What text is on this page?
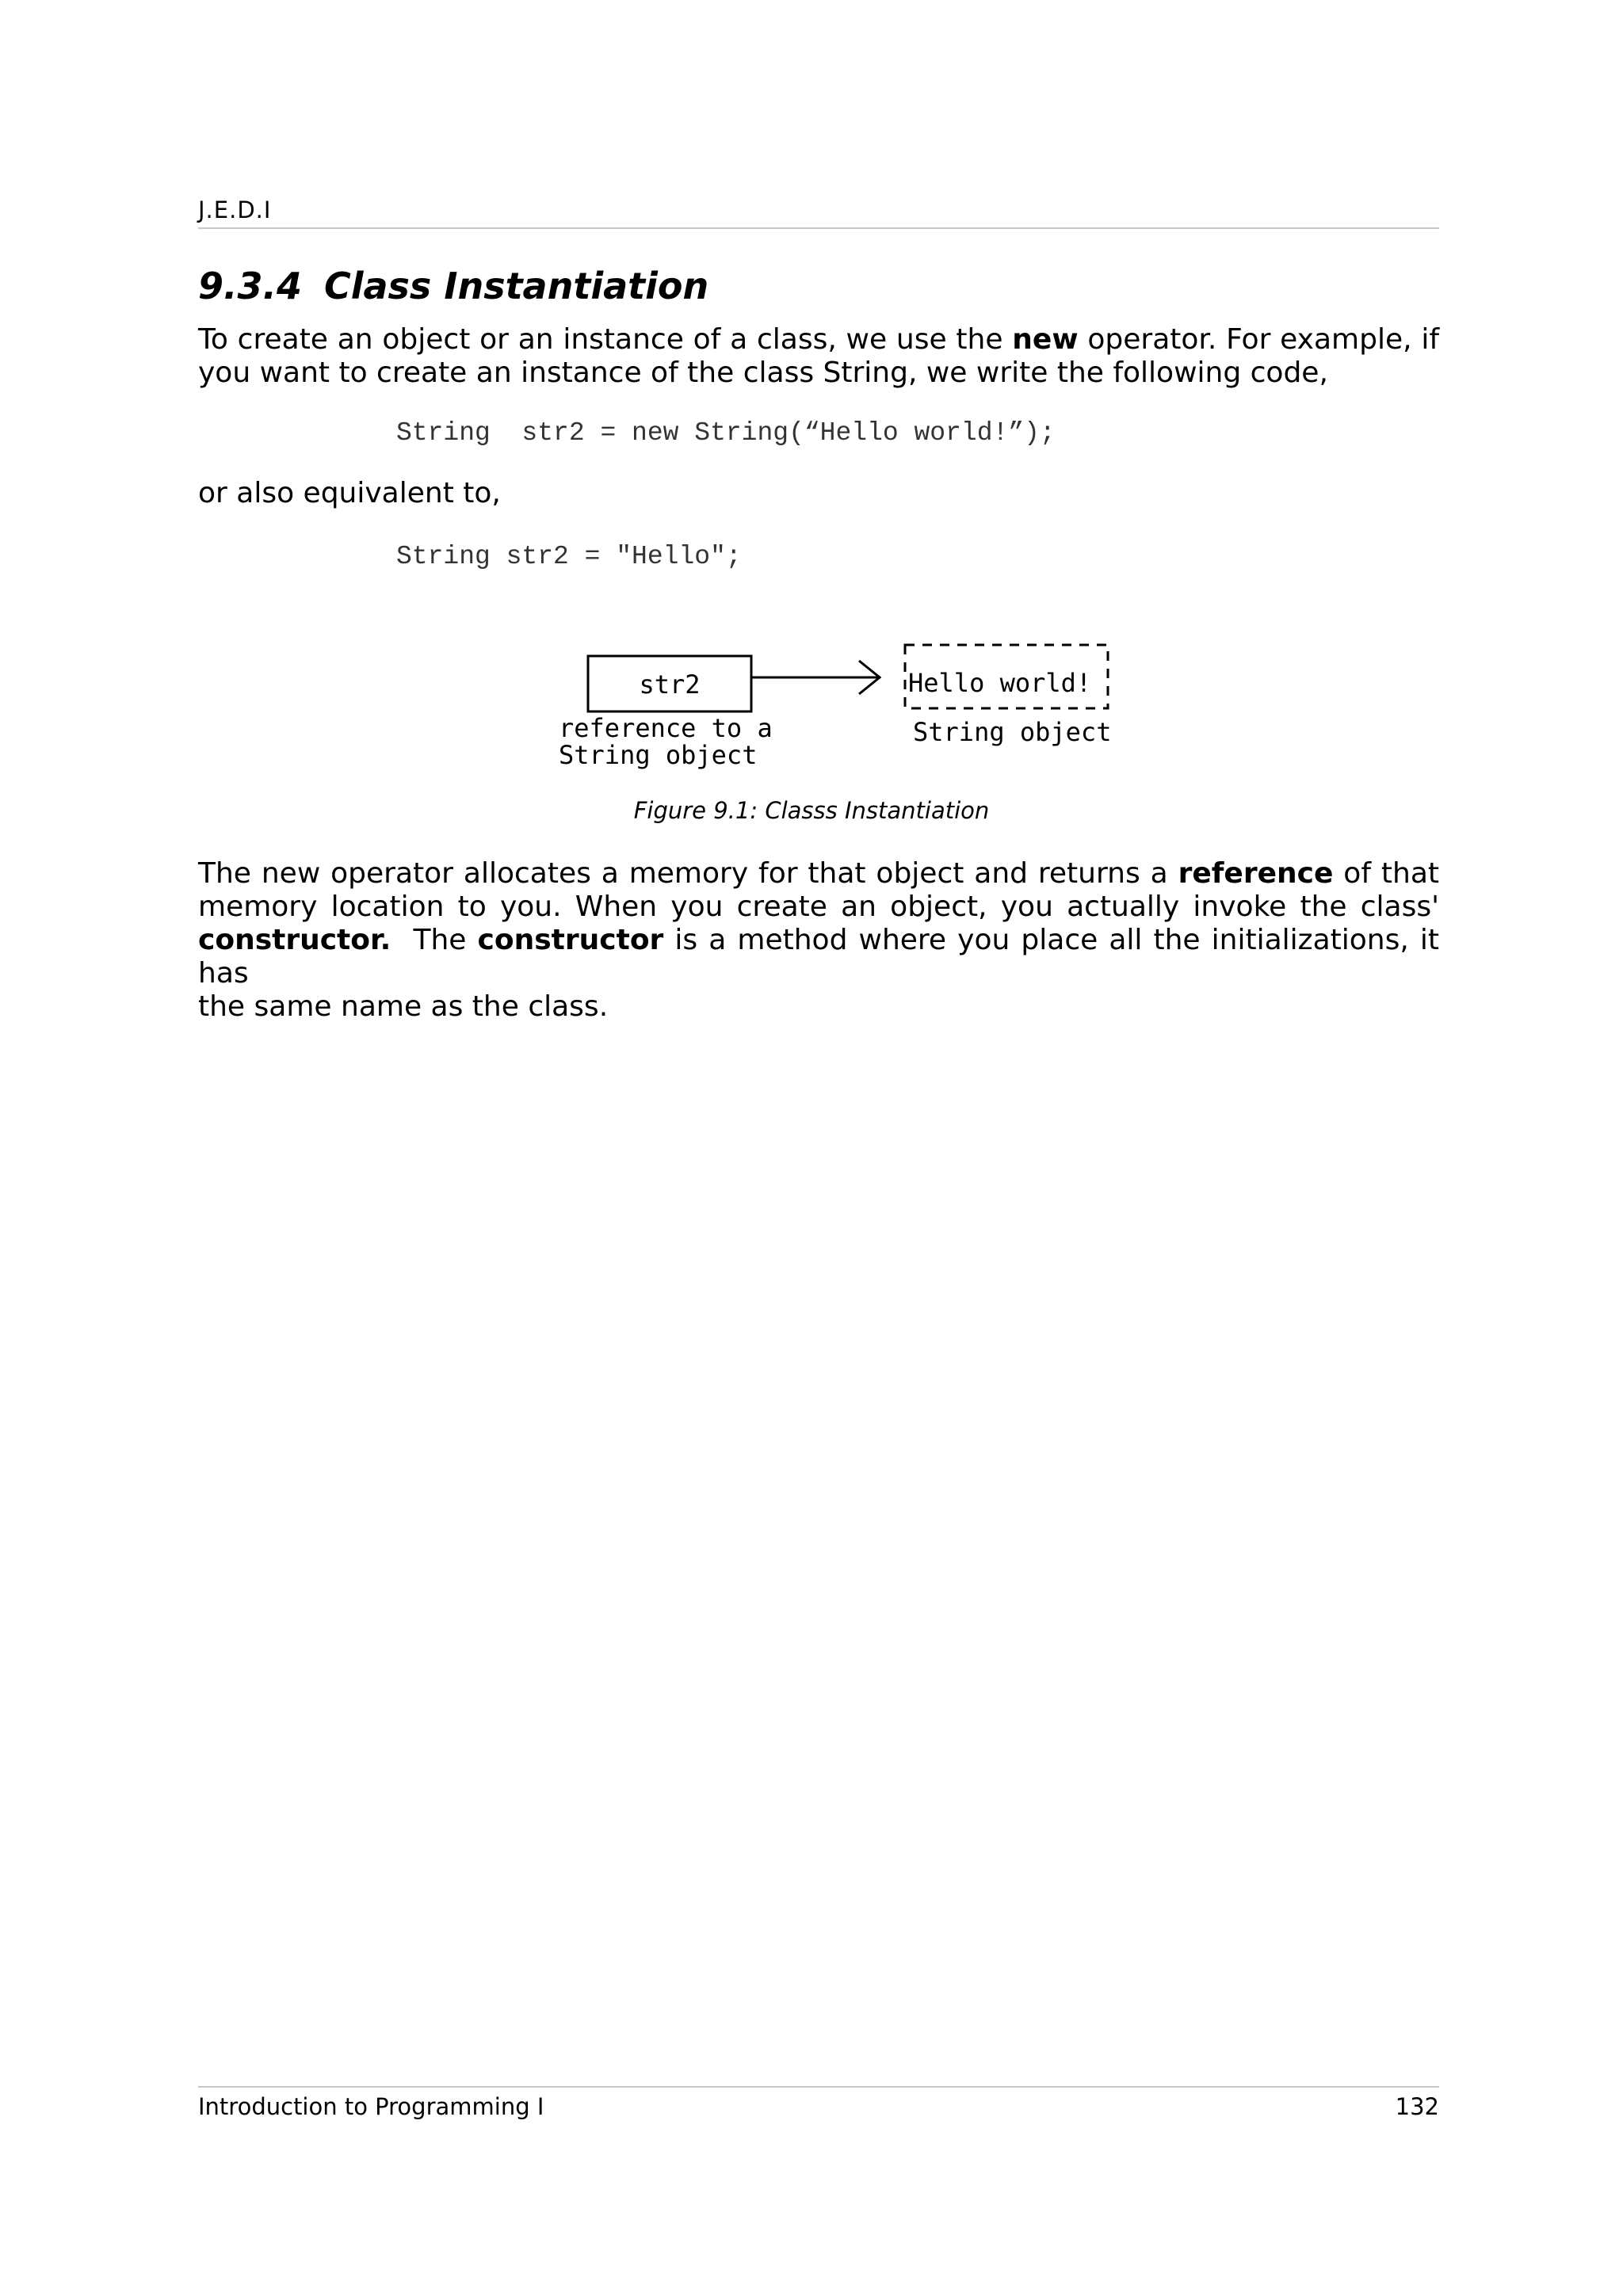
J.E.D.I
9.3.4 Class Instantiation
To create an object or an instance of a class, we use the new operator. For example, if
you want to create an instance of the class String, we write the following code,
String  str2 = new String(“Hello world!”);
or also equivalent to,
String str2 = "Hello";
str2	Hello world!
reference to a
String object
String object
Figure 9.1: Classs Instantiation
The new operator allocates a memory for that object and returns a reference of that
memory location to you. When you create an object, you actually invoke the class'
constructor.  The constructor is a method where you place all the initializations, it has
the same name as the class.
Introduction to Programming I	132
